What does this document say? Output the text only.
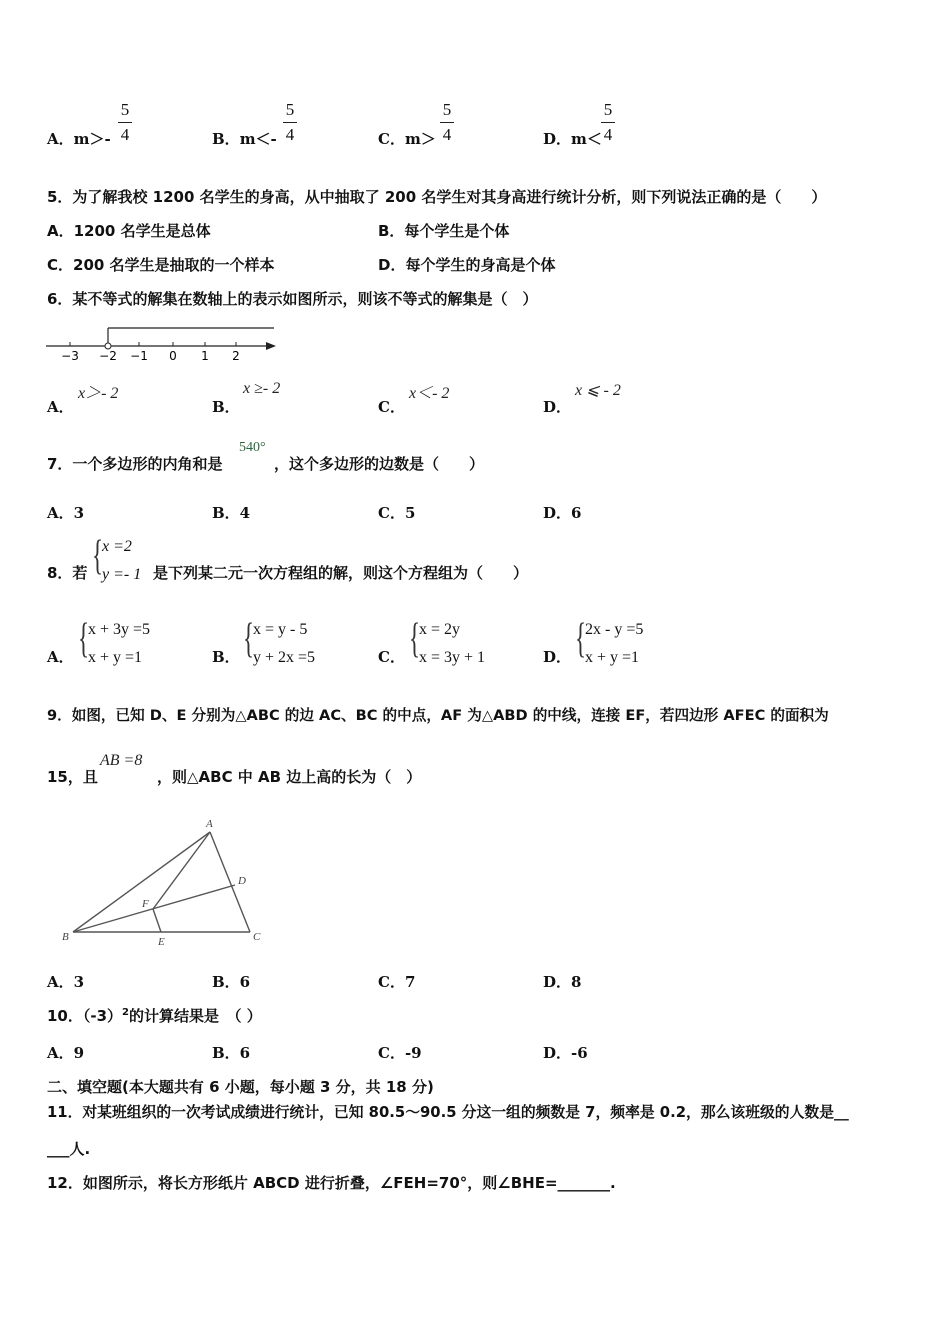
A．$m>- \frac{5}{4}$	B．$m<- \frac{5}{4}$	C．$m> \frac{5}{4}$	D．$m< \frac{5}{4}$
5．为了解我校 1200 名学生的身高，从中抽取了 200 名学生对其身高进行统计分析，则下列说法正确的是（　　）
A．1200 名学生是总体	B．每个学生是个体
C．200 名学生是抽取的一个样本	D．每个学生的身高是个体
6．某不等式的解集在数轴上的表示如图所示，则该不等式的解集是（　）
−3 −2 −1 0 1 2
A．
x＞- 2
B．
x ≥- 2
C．
x＜- 2
D．
x ⩽ - 2
7．一个多边形的内角和是
540°
，这个多边形的边数是（　　）
A．3	B．4	C．5	D．6
8．若 {
x =2
y =- 1 是下列某二元一次方程组的解，则这个方程组为（　　）
A． {
x + 3y =5
x + y =1	B． {
x = y - 5
y + 2x =5	C． {
x = 2y
x = 3y + 1	D． {
2x - y =5
x + y =1
9．如图，已知 D、E 分别为△ABC 的边 AC、BC 的中点，AF 为△ABD 的中线，连接 EF，若四边形 AFEC 的面积为
15，且
AB =8
，则△ABC 中 AB 边上高的长为（　）
A
B	C
D
E
F
A．3	B．6	C．7	D．8
10．$(-3)^2$的计算结果是　（ ）
A．9	B．6	C．-9	D．-6
二、填空题(本大题共有 6 小题，每小题 3 分，共 18 分)
11．对某班组织的一次考试成绩进行统计，已知 80.5～90.5 分这一组的频数是 7，频率是 0.2，那么该班级的人数是__
___人.
12．如图所示，将长方形纸片 ABCD 进行折叠，∠FEH=70°，则∠BHE=_______.
